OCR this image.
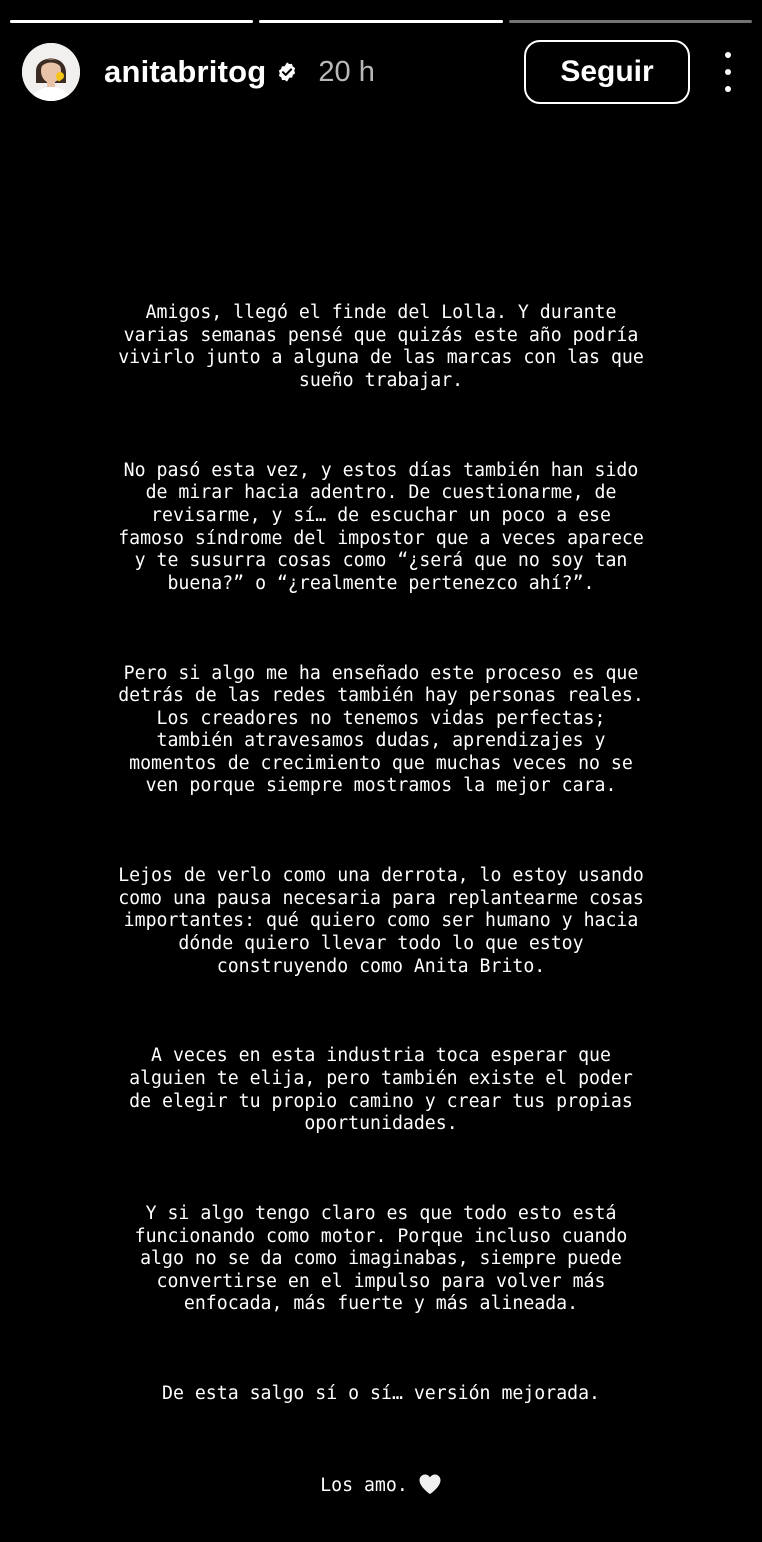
anitabritog 20 h	Seguir

Amigos, llegó el finde del Lolla. Y durante
varias semanas pensé que quizás este año podría
vivirlo junto a alguna de las marcas con las que
sueño trabajar.

No pasó esta vez, y estos días también han sido
de mirar hacia adentro. De cuestionarme, de
revisarme, y sí… de escuchar un poco a ese
famoso síndrome del impostor que a veces aparece
y te susurra cosas como “¿será que no soy tan
buena?” o “¿realmente pertenezco ahí?”.

Pero si algo me ha enseñado este proceso es que
detrás de las redes también hay personas reales.
Los creadores no tenemos vidas perfectas;
también atravesamos dudas, aprendizajes y
momentos de crecimiento que muchas veces no se
ven porque siempre mostramos la mejor cara.

Lejos de verlo como una derrota, lo estoy usando
como una pausa necesaria para replantearme cosas
importantes: qué quiero como ser humano y hacia
dónde quiero llevar todo lo que estoy
construyendo como Anita Brito.

A veces en esta industria toca esperar que
alguien te elija, pero también existe el poder
de elegir tu propio camino y crear tus propias
oportunidades.

Y si algo tengo claro es que todo esto está
funcionando como motor. Porque incluso cuando
algo no se da como imaginabas, siempre puede
convertirse en el impulso para volver más
enfocada, más fuerte y más alineada.

De esta salgo sí o sí… versión mejorada.

Los amo.
